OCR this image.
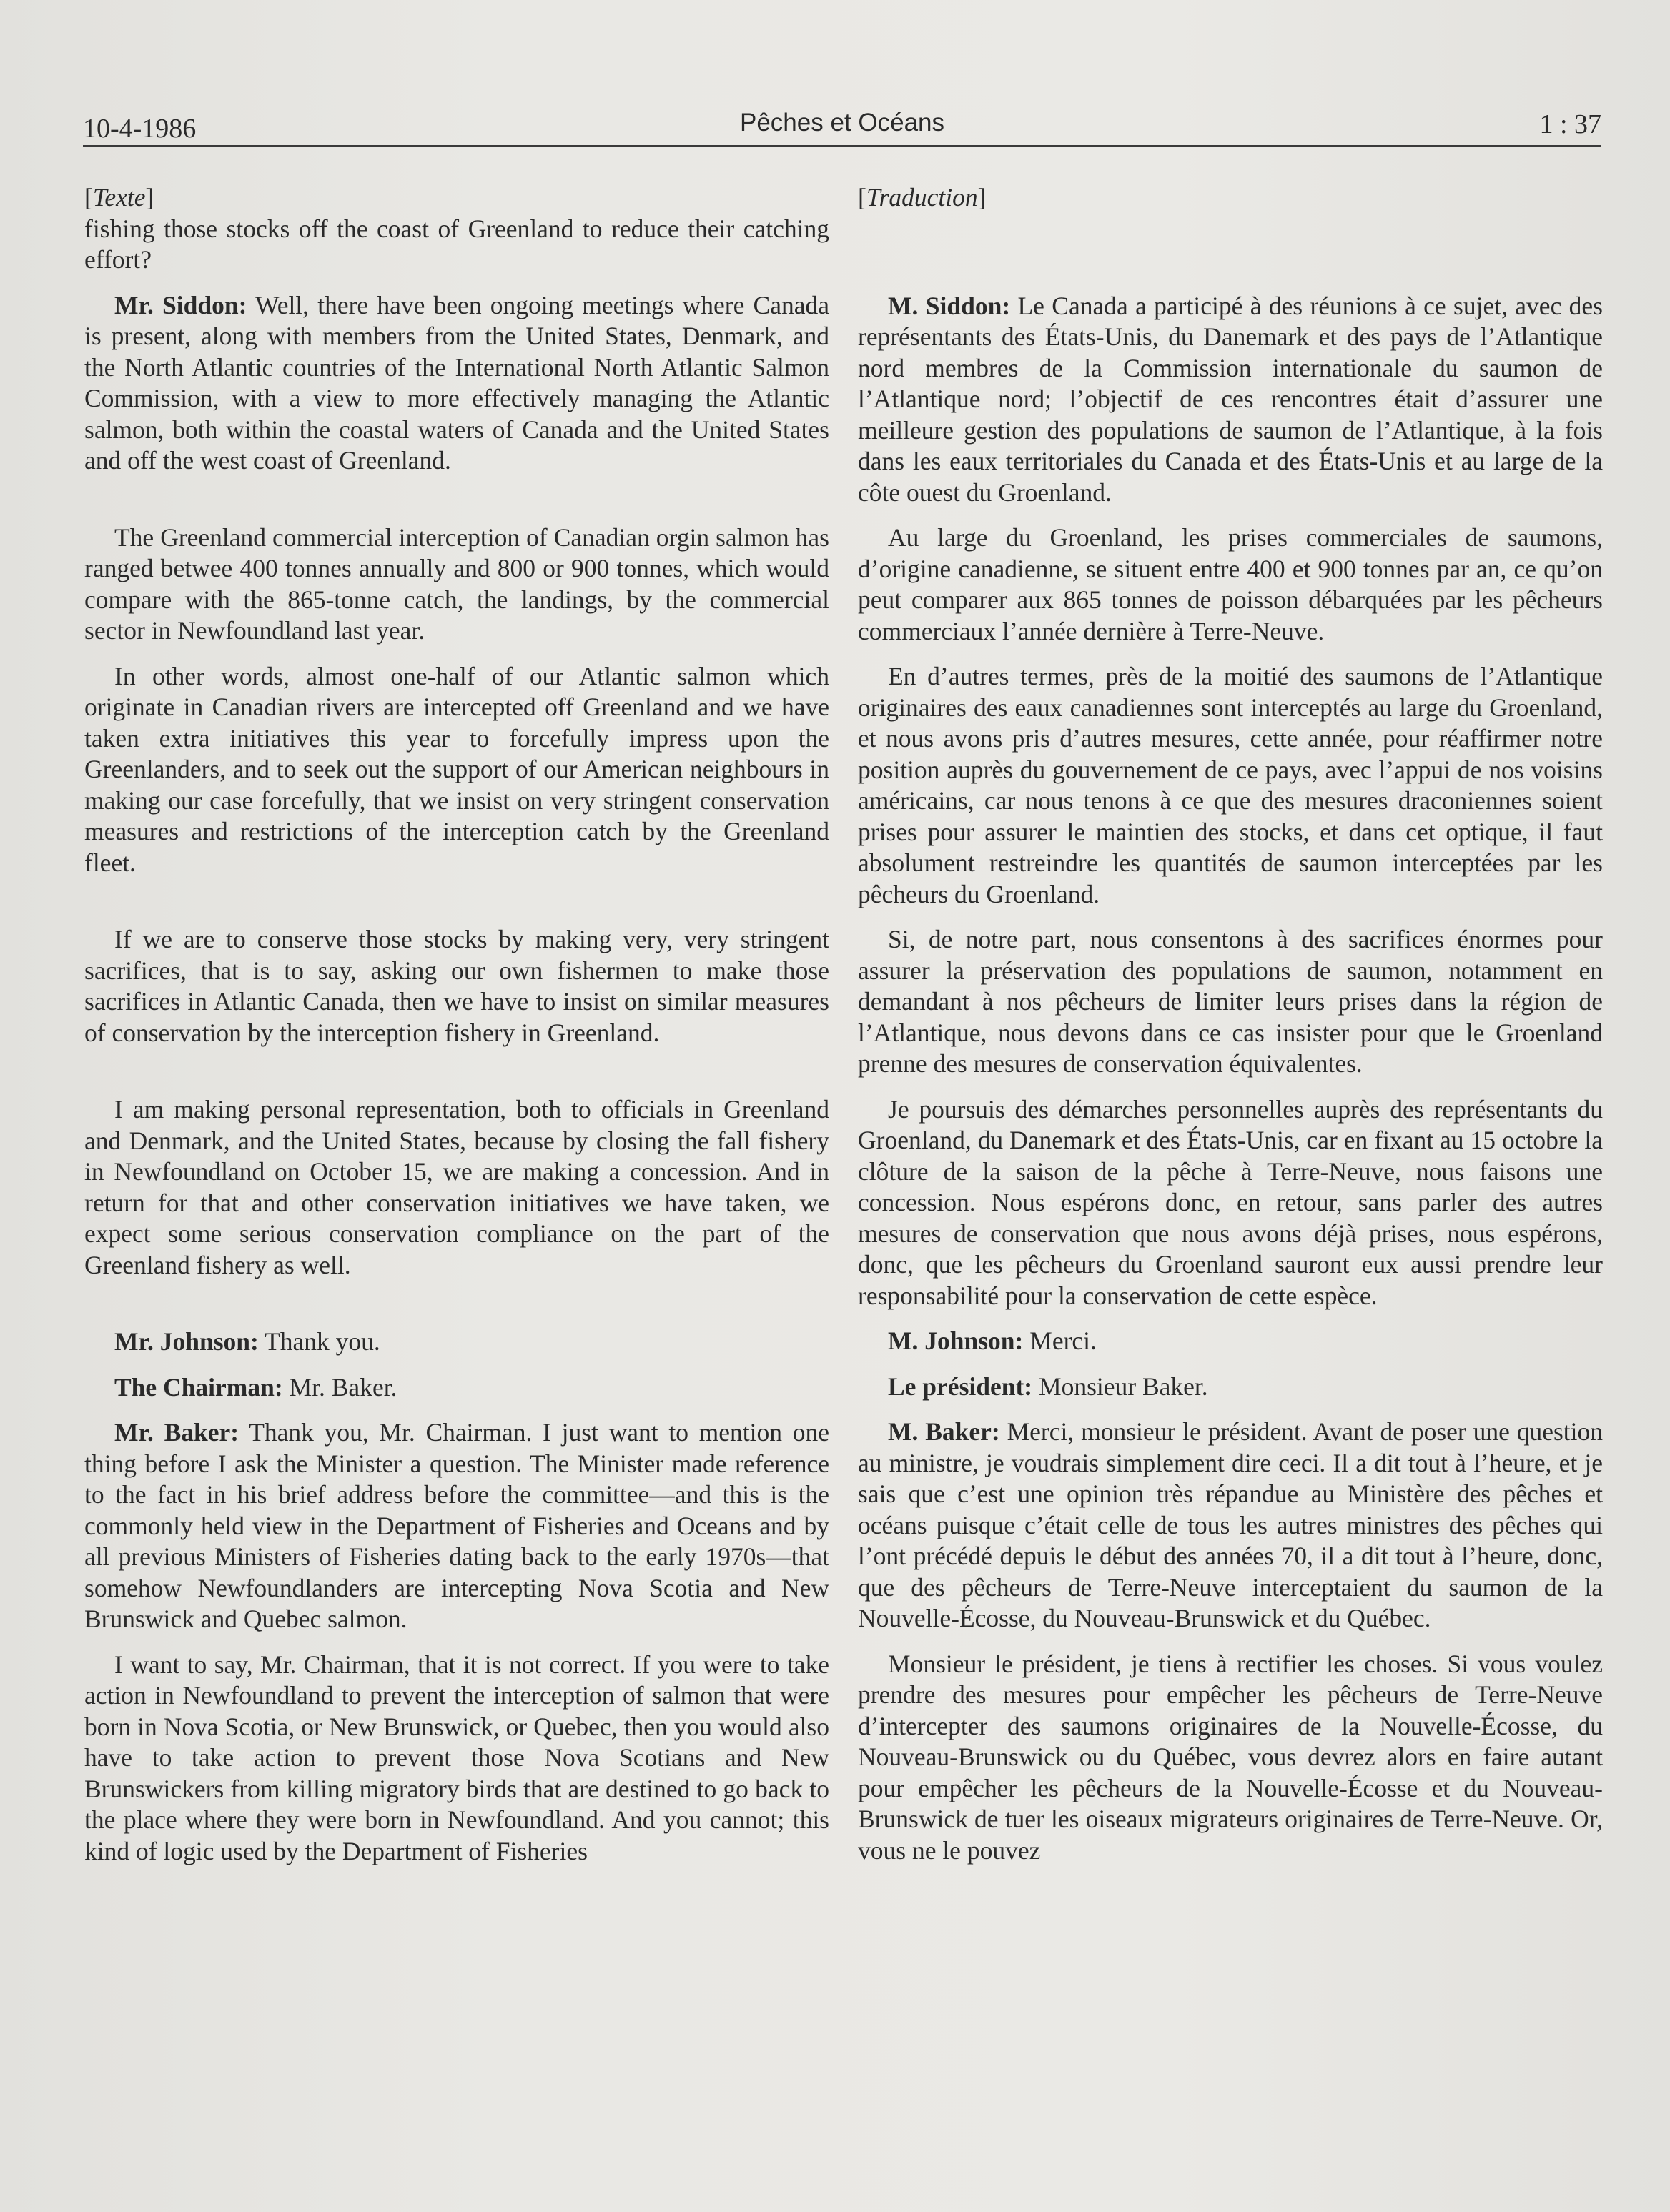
10-4-1986	Pêches et Océans	1 : 37
[Texte]

fishing those stocks off the coast of Greenland to reduce their catching effort?

Mr. Siddon: Well, there have been ongoing meetings where Canada is present, along with members from the United States, Denmark, and the North Atlantic countries of the International North Atlantic Salmon Commission, with a view to more effectively managing the Atlantic salmon, both within the coastal waters of Canada and the United States and off the west coast of Greenland.

The Greenland commercial interception of Canadian orgin salmon has ranged betwee 400 tonnes annually and 800 or 900 tonnes, which would compare with the 865-tonne catch, the landings, by the commercial sector in Newfoundland last year.

In other words, almost one-half of our Atlantic salmon which originate in Canadian rivers are intercepted off Greenland and we have taken extra initiatives this year to forcefully impress upon the Greenlanders, and to seek out the support of our American neighbours in making our case forcefully, that we insist on very stringent conservation measures and restrictions of the interception catch by the Greenland fleet.

If we are to conserve those stocks by making very, very stringent sacrifices, that is to say, asking our own fishermen to make those sacrifices in Atlantic Canada, then we have to insist on similar measures of conservation by the interception fishery in Greenland.

I am making personal representation, both to officials in Greenland and Denmark, and the United States, because by closing the fall fishery in Newfoundland on October 15, we are making a concession. And in return for that and other conservation initiatives we have taken, we expect some serious conservation compliance on the part of the Greenland fishery as well.

Mr. Johnson: Thank you.

The Chairman: Mr. Baker.

Mr. Baker: Thank you, Mr. Chairman. I just want to mention one thing before I ask the Minister a question. The Minister made reference to the fact in his brief address before the committee—and this is the commonly held view in the Department of Fisheries and Oceans and by all previous Ministers of Fisheries dating back to the early 1970s—that somehow Newfoundlanders are intercepting Nova Scotia and New Brunswick and Quebec salmon.

I want to say, Mr. Chairman, that it is not correct. If you were to take action in Newfoundland to prevent the interception of salmon that were born in Nova Scotia, or New Brunswick, or Quebec, then you would also have to take action to prevent those Nova Scotians and New Brunswickers from killing migratory birds that are destined to go back to the place where they were born in Newfoundland. And you cannot; this kind of logic used by the Department of Fisheries

[Traduction]

M. Siddon: Le Canada a participé à des réunions à ce sujet, avec des représentants des États-Unis, du Danemark et des pays de l’Atlantique nord membres de la Commission internationale du saumon de l’Atlantique nord; l’objectif de ces rencontres était d’assurer une meilleure gestion des populations de saumon de l’Atlantique, à la fois dans les eaux territoriales du Canada et des États-Unis et au large de la côte ouest du Groenland.

Au large du Groenland, les prises commerciales de saumons, d’origine canadienne, se situent entre 400 et 900 tonnes par an, ce qu’on peut comparer aux 865 tonnes de poisson débarquées par les pêcheurs commerciaux l’année dernière à Terre-Neuve.

En d’autres termes, près de la moitié des saumons de l’Atlantique originaires des eaux canadiennes sont interceptés au large du Groenland, et nous avons pris d’autres mesures, cette année, pour réaffirmer notre position auprès du gouvernement de ce pays, avec l’appui de nos voisins américains, car nous tenons à ce que des mesures draconiennes soient prises pour assurer le maintien des stocks, et dans cet optique, il faut absolument restreindre les quantités de saumon interceptées par les pêcheurs du Groenland.

Si, de notre part, nous consentons à des sacrifices énormes pour assurer la préservation des populations de saumon, notamment en demandant à nos pêcheurs de limiter leurs prises dans la région de l’Atlantique, nous devons dans ce cas insister pour que le Groenland prenne des mesures de conservation équivalentes.

Je poursuis des démarches personnelles auprès des représentants du Groenland, du Danemark et des États-Unis, car en fixant au 15 octobre la clôture de la saison de la pêche à Terre-Neuve, nous faisons une concession. Nous espérons donc, en retour, sans parler des autres mesures de conservation que nous avons déjà prises, nous espérons, donc, que les pêcheurs du Groenland sauront eux aussi prendre leur responsabilité pour la conservation de cette espèce.

M. Johnson: Merci.

Le président: Monsieur Baker.

M. Baker: Merci, monsieur le président. Avant de poser une question au ministre, je voudrais simplement dire ceci. Il a dit tout à l’heure, et je sais que c’est une opinion très répandue au Ministère des pêches et océans puisque c’était celle de tous les autres ministres des pêches qui l’ont précédé depuis le début des années 70, il a dit tout à l’heure, donc, que des pêcheurs de Terre-Neuve interceptaient du saumon de la Nouvelle-Écosse, du Nouveau-Brunswick et du Québec.

Monsieur le président, je tiens à rectifier les choses. Si vous voulez prendre des mesures pour empêcher les pêcheurs de Terre-Neuve d’intercepter des saumons originaires de la Nouvelle-Écosse, du Nouveau-Brunswick ou du Québec, vous devrez alors en faire autant pour empêcher les pêcheurs de la Nouvelle-Écosse et du Nouveau-Brunswick de tuer les oiseaux migrateurs originaires de Terre-Neuve. Or, vous ne le pouvez
